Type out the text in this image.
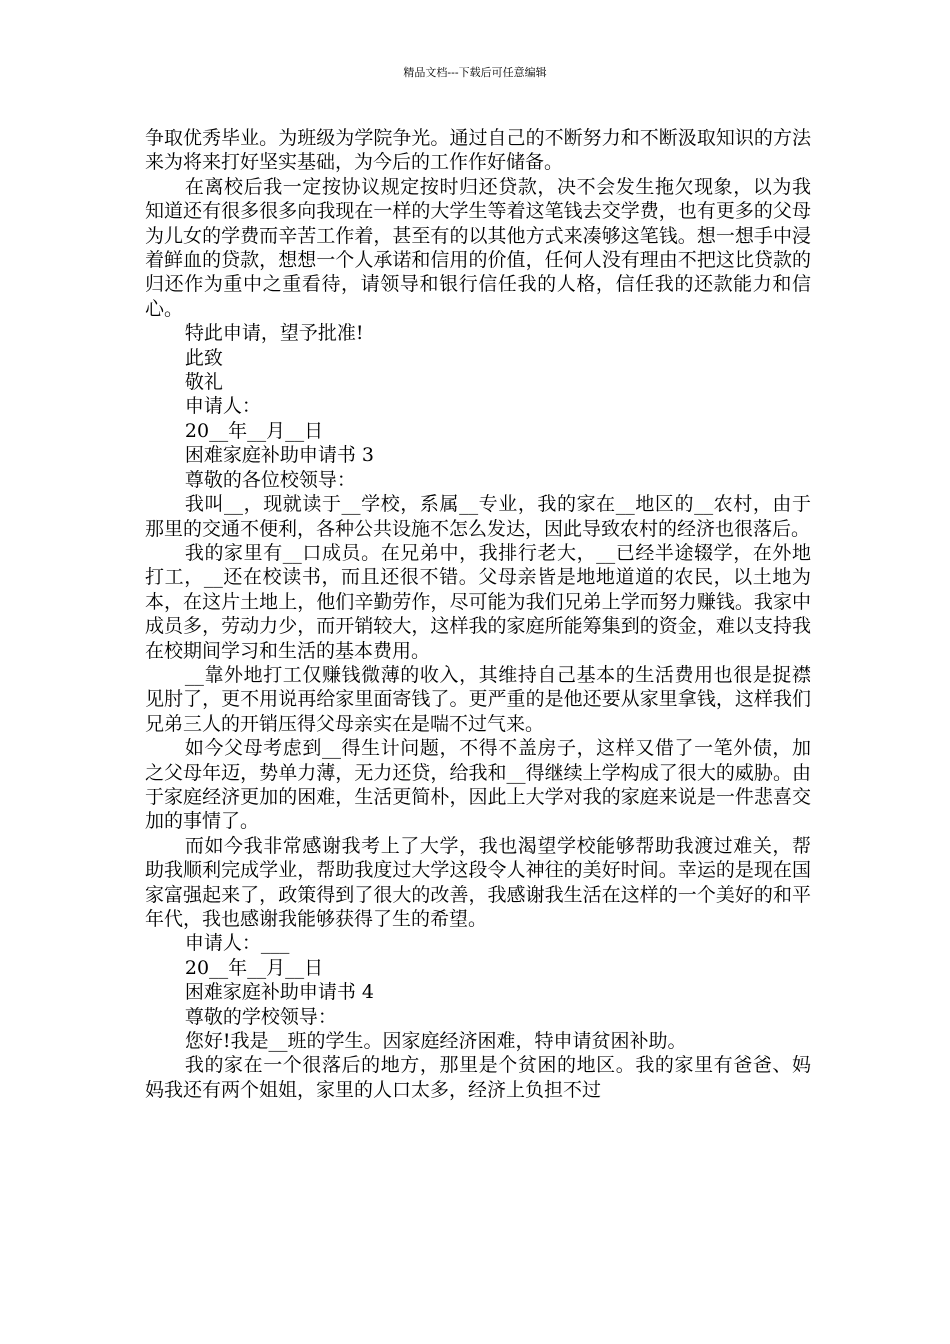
精品文档---下载后可任意编辑

争取优秀毕业。为班级为学院争光。通过自己的不断努力和不断汲取知识的方法来为将来打好坚实基础，为今后的工作作好储备。

在离校后我一定按协议规定按时归还贷款，决不会发生拖欠现象，以为我知道还有很多很多向我现在一样的大学生等着这笔钱去交学费，也有更多的父母为儿女的学费而辛苦工作着，甚至有的以其他方式来凑够这笔钱。想一想手中浸着鲜血的贷款，想想一个人承诺和信用的价值，任何人没有理由不把这比贷款的归还作为重中之重看待，请领导和银行信任我的人格，信任我的还款能力和信心。

特此申请，望予批准!

此致

敬礼

申请人：

20__年__月__日

困难家庭补助申请书 3

尊敬的各位校领导：

我叫__，现就读于__学校，系属__专业，我的家在__地区的__农村，由于那里的交通不便利，各种公共设施不怎么发达，因此导致农村的经济也很落后。

我的家里有__口成员。在兄弟中，我排行老大，__已经半途辍学，在外地打工，__还在校读书，而且还很不错。父母亲皆是地地道道的农民，以土地为本，在这片土地上，他们辛勤劳作，尽可能为我们兄弟上学而努力赚钱。我家中成员多，劳动力少，而开销较大，这样我的家庭所能筹集到的资金，难以支持我在校期间学习和生活的基本费用。

__靠外地打工仅赚钱微薄的收入，其维持自己基本的生活费用也很是捉襟见肘了，更不用说再给家里面寄钱了。更严重的是他还要从家里拿钱，这样我们兄弟三人的开销压得父母亲实在是喘不过气来。

如今父母考虑到__得生计问题，不得不盖房子，这样又借了一笔外债，加之父母年迈，势单力薄，无力还贷，给我和__得继续上学构成了很大的威胁。由于家庭经济更加的困难，生活更简朴，因此上大学对我的家庭来说是一件悲喜交加的事情了。

而如今我非常感谢我考上了大学，我也渴望学校能够帮助我渡过难关，帮助我顺利完成学业，帮助我度过大学这段令人神往的美好时间。幸运的是现在国家富强起来了，政策得到了很大的改善，我感谢我生活在这样的一个美好的和平年代，我也感谢我能够获得了生的希望。

申请人：___

20__年__月__日

困难家庭补助申请书 4

尊敬的学校领导：

您好!我是__班的学生。因家庭经济困难，特申请贫困补助。

我的家在一个很落后的地方，那里是个贫困的地区。我的家里有爸爸、妈妈我还有两个姐姐，家里的人口太多，经济上负担不过
